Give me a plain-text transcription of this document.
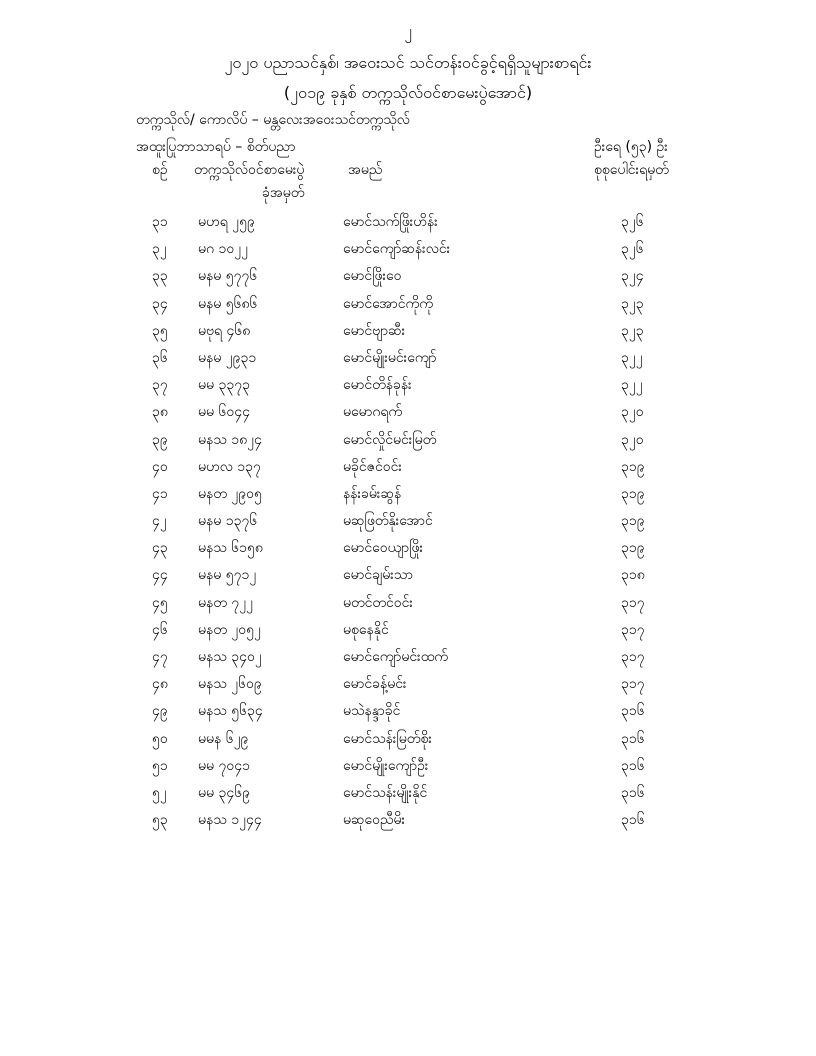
၂
၂၀၂၀ ပညာသင်နှစ်၊ အဝေးသင် သင်တန်းဝင်ခွင့်ရရှိသူများစာရင်း
(၂၀၁၉ ခုနှစ် တက္ကသိုလ်ဝင်စာမေးပွဲအောင်)
တက္ကသိုလ်/ ကောလိပ် – မန္တလေးအဝေးသင်တက္ကသိုလ်
အထူးပြုဘာသာရပ် – စိတ်ပညာ	ဦးရေ (၅၃) ဦး
စဉ် တက္ကသိုလ်ဝင်စာမေးပွဲ
ခုံအမှတ်
အမည်	စုစုပေါင်းရမှတ်
၃၁ မဟရ ၂၅၉	မောင်သက်ဖြိုးဟိန်း	၃၂၆
၃၂ မဂ ၁၀၂၂	မောင်ကျော်ဆန်းလင်း	၃၂၆
၃၃ မနမ ၅၇၇၆	မောင်ဖြိုးဝေ	၃၂၄
၃၄ မနမ ၅၆၈၆	မောင်အောင်ကိုကို	၃၂၃
၃၅ မဗုရ ၄၆၈	မောင်ဗျာဆီး	၃၂၃
၃၆ မနမ ၂၉၃၁	မောင်မျိုးမင်းကျော်	၃၂၂
၃၇ မမ ၃၃၇၃	မောင်တိန်ခုန်း	၃၂၂
၃၈ မမ ၆၀၄၄	မမောဂရက်	၃၂၀
၃၉ မနသ ၁၈၂၄	မောင်လှိုင်မင်းမြတ်	၃၂၀
၄၀ မဟလ ၁၃၇	မခိုင်ဇင်ဝင်း	၃၁၉
၄၁ မနတ ၂၉၀၅	နန်းခမ်းဆွန်	၃၁၉
၄၂ မနမ ၁၃၇၆	မဆုဖြတ်နိုးအောင်	၃၁၉
၄၃ မနသ ၆၁၅၈	မောင်ဝေယျာဖြိုး	၃၁၉
၄၄ မနမ ၅၇၁၂	မောင်ချမ်းသာ	၃၁၈
၄၅ မနတ ၇၂၂	မတင်တင်ဝင်း	၃၁၇
၄၆ မနတ ၂၀၅၂	မစုနေနိုင်	၃၁၇
၄၇ မနသ ၃၄၀၂	မောင်ကျော်မင်းထက်	၃၁၇
၄၈ မနသ ၂၆၀၉	မောင်ခန့်မင်း	၃၁၇
၄၉ မနသ ၅၆၃၄	မသဲနန္ဒာခိုင်	၃၁၆
၅၀ မမန ၆၂၉	မောင်သန်းမြတ်စိုး	၃၁၆
၅၁ မမ ၇၀၄၁	မောင်မျိုးကျော်ဦး	၃၁၆
၅၂ မမ ၃၄၆၉	မောင်သန်းမျိုးနိုင်	၃၁၆
၅၃ မနသ ၁၂၄၄	မဆုဝေညီမိး	၃၁၆
